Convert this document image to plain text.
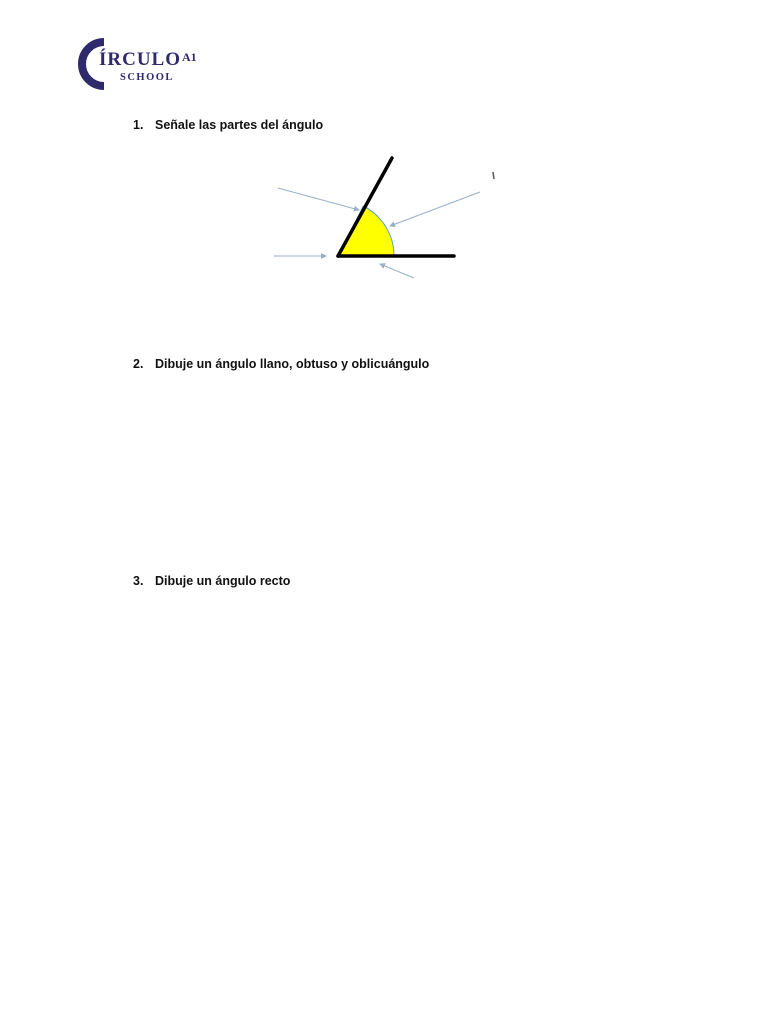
ÍRCULO A1
SCHOOL
1. Señale las partes del ángulo
2. Dibuje un ángulo llano, obtuso y oblicuángulo
3. Dibuje un ángulo recto
